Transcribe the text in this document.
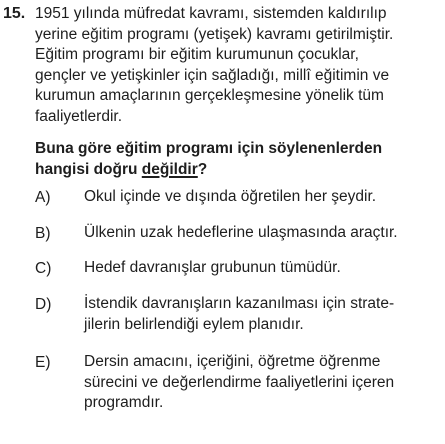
15. 1951 yılında müfredat kavramı, sistemden kaldırılıp
yerine eğitim programı (yetişek) kavramı getirilmiştir.
Eğitim programı bir eğitim kurumunun çocuklar,
gençler ve yetişkinler için sağladığı, millî eğitimin ve
kurumun amaçlarının gerçekleşmesine yönelik tüm
faaliyetlerdir.
Buna göre eğitim programı için söylenenlerden
hangisi doğru değildir?
A) Okul içinde ve dışında öğretilen her şeydir.
B) Ülkenin uzak hedeflerine ulaşmasında araçtır.
C) Hedef davranışlar grubunun tümüdür.
D) İstendik davranışların kazanılması için strate-
jilerin belirlendiği eylem planıdır.
E) Dersin amacını, içeriğini, öğretme öğrenme
sürecini ve değerlendirme faaliyetlerini içeren
programdır.
